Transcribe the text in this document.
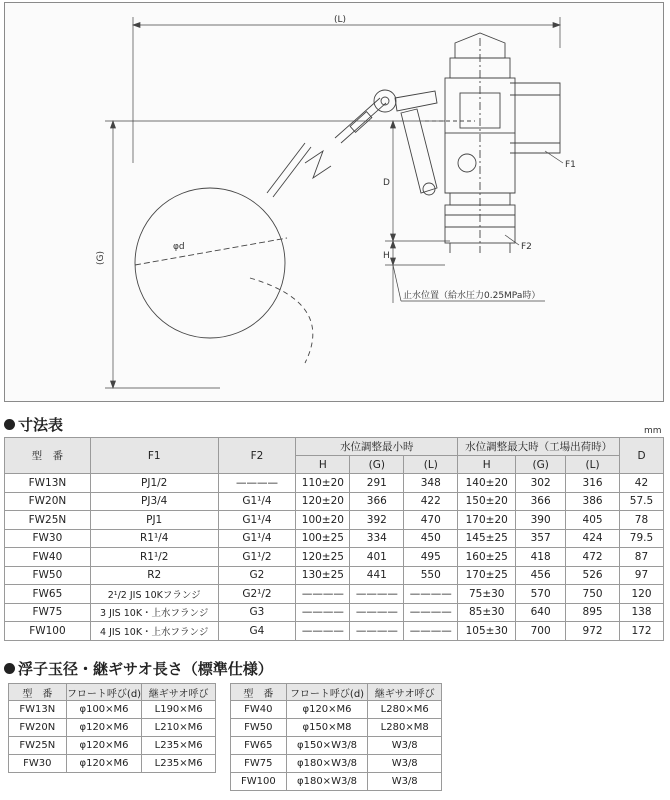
(L)
(G)
D
H
止水位置（給水圧力0.25MPa時）
φd
F1
F2
寸法表	mm
型　番	F1	F2	水位調整最小時			水位調整最大時（工場出荷時）			D
			H	(G)	(L)	H	(G)	(L)	
FW13N	PJ1/2	————	110±20	291	348	140±20	302	316	42
FW20N	PJ3/4	G1¹/4	120±20	366	422	150±20	366	386	57.5
FW25N	PJ1	G1¹/4	100±20	392	470	170±20	390	405	78
FW30	R1¹/4	G1¹/4	100±25	334	450	145±25	357	424	79.5
FW40	R1¹/2	G1¹/2	120±25	401	495	160±25	418	472	87
FW50	R2	G2	130±25	441	550	170±25	456	526	97
FW65	2¹/2 JIS 10Kフランジ	G2¹/2	————	————	————	75±30	570	750	120
FW75	3 JIS 10K・上水フランジ	G3	————	————	————	85±30	640	895	138
FW100	4 JIS 10K・上水フランジ	G4	————	————	————	105±30	700	972	172
浮子玉径・継ギサオ長さ（標準仕様）
型　番	フロート呼び(d)	継ギサオ呼び
FW13N	φ100×M6	L190×M6
FW20N	φ120×M6	L210×M6
FW25N	φ120×M6	L235×M6
FW30	φ120×M6	L235×M6
型　番	フロート呼び(d)	継ギサオ呼び
FW40	φ120×M6	L280×M6
FW50	φ150×M8	L280×M8
FW65	φ150×W3/8	W3/8
FW75	φ180×W3/8	W3/8
FW100	φ180×W3/8	W3/8
